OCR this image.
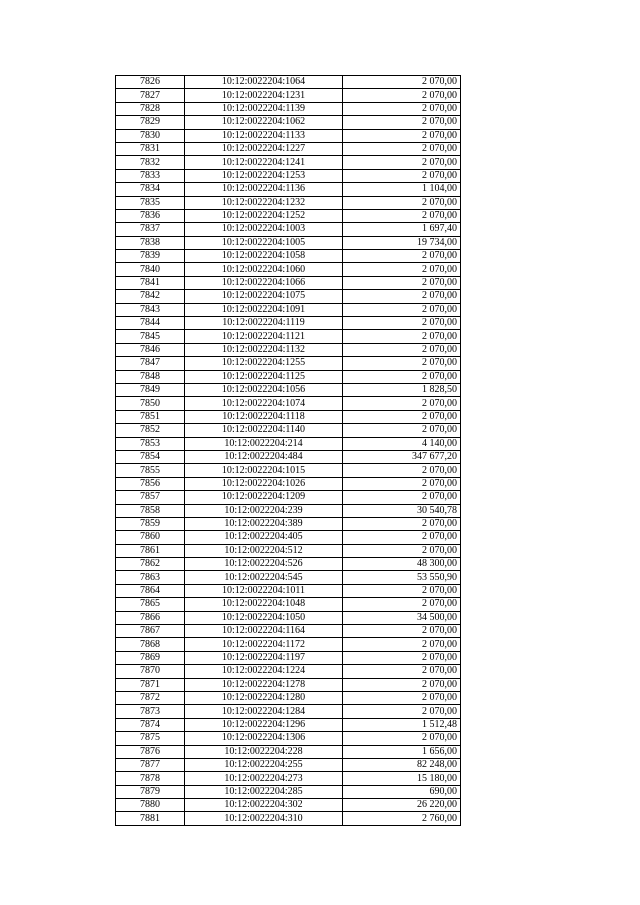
7826	10:12:0022204:1064	2 070,00
7827	10:12:0022204:1231	2 070,00
7828	10:12:0022204:1139	2 070,00
7829	10:12:0022204:1062	2 070,00
7830	10:12:0022204:1133	2 070,00
7831	10:12:0022204:1227	2 070,00
7832	10:12:0022204:1241	2 070,00
7833	10:12:0022204:1253	2 070,00
7834	10:12:0022204:1136	1 104,00
7835	10:12:0022204:1232	2 070,00
7836	10:12:0022204:1252	2 070,00
7837	10:12:0022204:1003	1 697,40
7838	10:12:0022204:1005	19 734,00
7839	10:12:0022204:1058	2 070,00
7840	10:12:0022204:1060	2 070,00
7841	10:12:0022204:1066	2 070,00
7842	10:12:0022204:1075	2 070,00
7843	10:12:0022204:1091	2 070,00
7844	10:12:0022204:1119	2 070,00
7845	10:12:0022204:1121	2 070,00
7846	10:12:0022204:1132	2 070,00
7847	10:12:0022204:1255	2 070,00
7848	10:12:0022204:1125	2 070,00
7849	10:12:0022204:1056	1 828,50
7850	10:12:0022204:1074	2 070,00
7851	10:12:0022204:1118	2 070,00
7852	10:12:0022204:1140	2 070,00
7853	10:12:0022204:214	4 140,00
7854	10:12:0022204:484	347 677,20
7855	10:12:0022204:1015	2 070,00
7856	10:12:0022204:1026	2 070,00
7857	10:12:0022204:1209	2 070,00
7858	10:12:0022204:239	30 540,78
7859	10:12:0022204:389	2 070,00
7860	10:12:0022204:405	2 070,00
7861	10:12:0022204:512	2 070,00
7862	10:12:0022204:526	48 300,00
7863	10:12:0022204:545	53 550,90
7864	10:12:0022204:1011	2 070,00
7865	10:12:0022204:1048	2 070,00
7866	10:12:0022204:1050	34 500,00
7867	10:12:0022204:1164	2 070,00
7868	10:12:0022204:1172	2 070,00
7869	10:12:0022204:1197	2 070,00
7870	10:12:0022204:1224	2 070,00
7871	10:12:0022204:1278	2 070,00
7872	10:12:0022204:1280	2 070,00
7873	10:12:0022204:1284	2 070,00
7874	10:12:0022204:1296	1 512,48
7875	10:12:0022204:1306	2 070,00
7876	10:12:0022204:228	1 656,00
7877	10:12:0022204:255	82 248,00
7878	10:12:0022204:273	15 180,00
7879	10:12:0022204:285	690,00
7880	10:12:0022204:302	26 220,00
7881	10:12:0022204:310	2 760,00
